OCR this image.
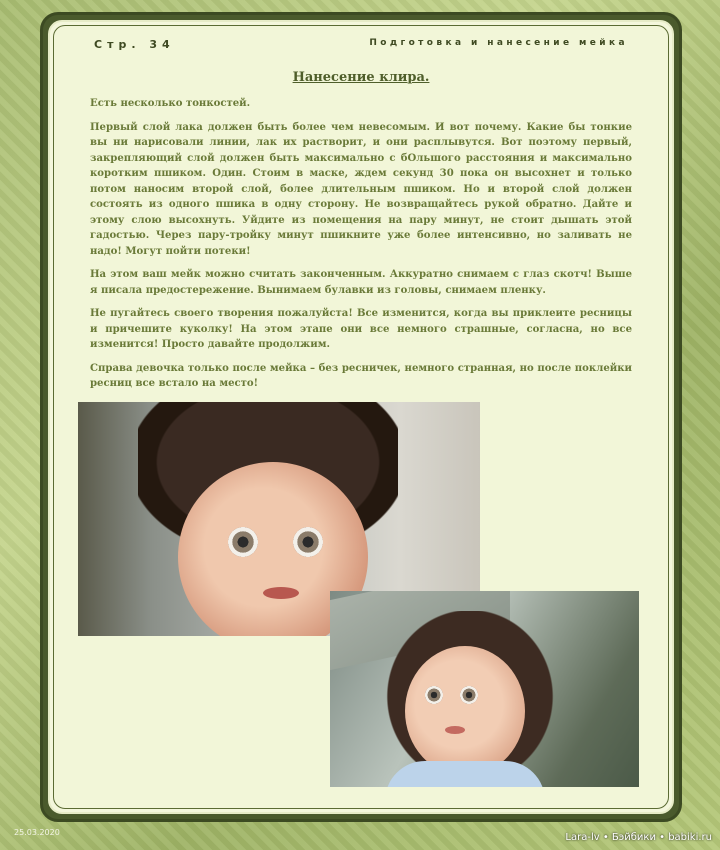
Стр. 34	Подготовка и нанесение мейка
Нанесение клира.

Есть несколько тонкостей.

Первый слой лака должен быть более чем невесомым. И вот почему. Какие бы тонкие вы ни нарисовали линии, лак их растворит, и они расплывутся. Вот поэтому первый, закрепляющий слой должен быть максимально с бОльшого расстояния и максимально коротким пшиком. Один. Стоим в маске, ждем секунд 30 пока он высохнет и только потом наносим второй слой, более длительным пшиком. Но и второй слой должен состоять из одного пшика в одну сторону. Не возвращайтесь рукой обратно. Дайте и этому слою высохнуть. Уйдите из помещения на пару минут, не стоит дышать этой гадостью. Через пару-тройку минут пшикните уже более интенсивно, но заливать не надо! Могут пойти потеки!

На этом ваш мейк можно считать законченным. Аккуратно снимаем с глаз скотч! Выше я писала предостережение. Вынимаем булавки из головы, снимаем пленку.

Не пугайтесь своего творения пожалуйста! Все изменится, когда вы приклеите ресницы и причешите куколку! На этом этапе они все немного страшные, согласна, но все изменится! Просто давайте продолжим.

Справа девочка только после мейка – без ресничек, немного странная, но после поклейки ресниц все встало на место!

25.03.2020	Lara-lv • Бэйбики • babiki.ru
